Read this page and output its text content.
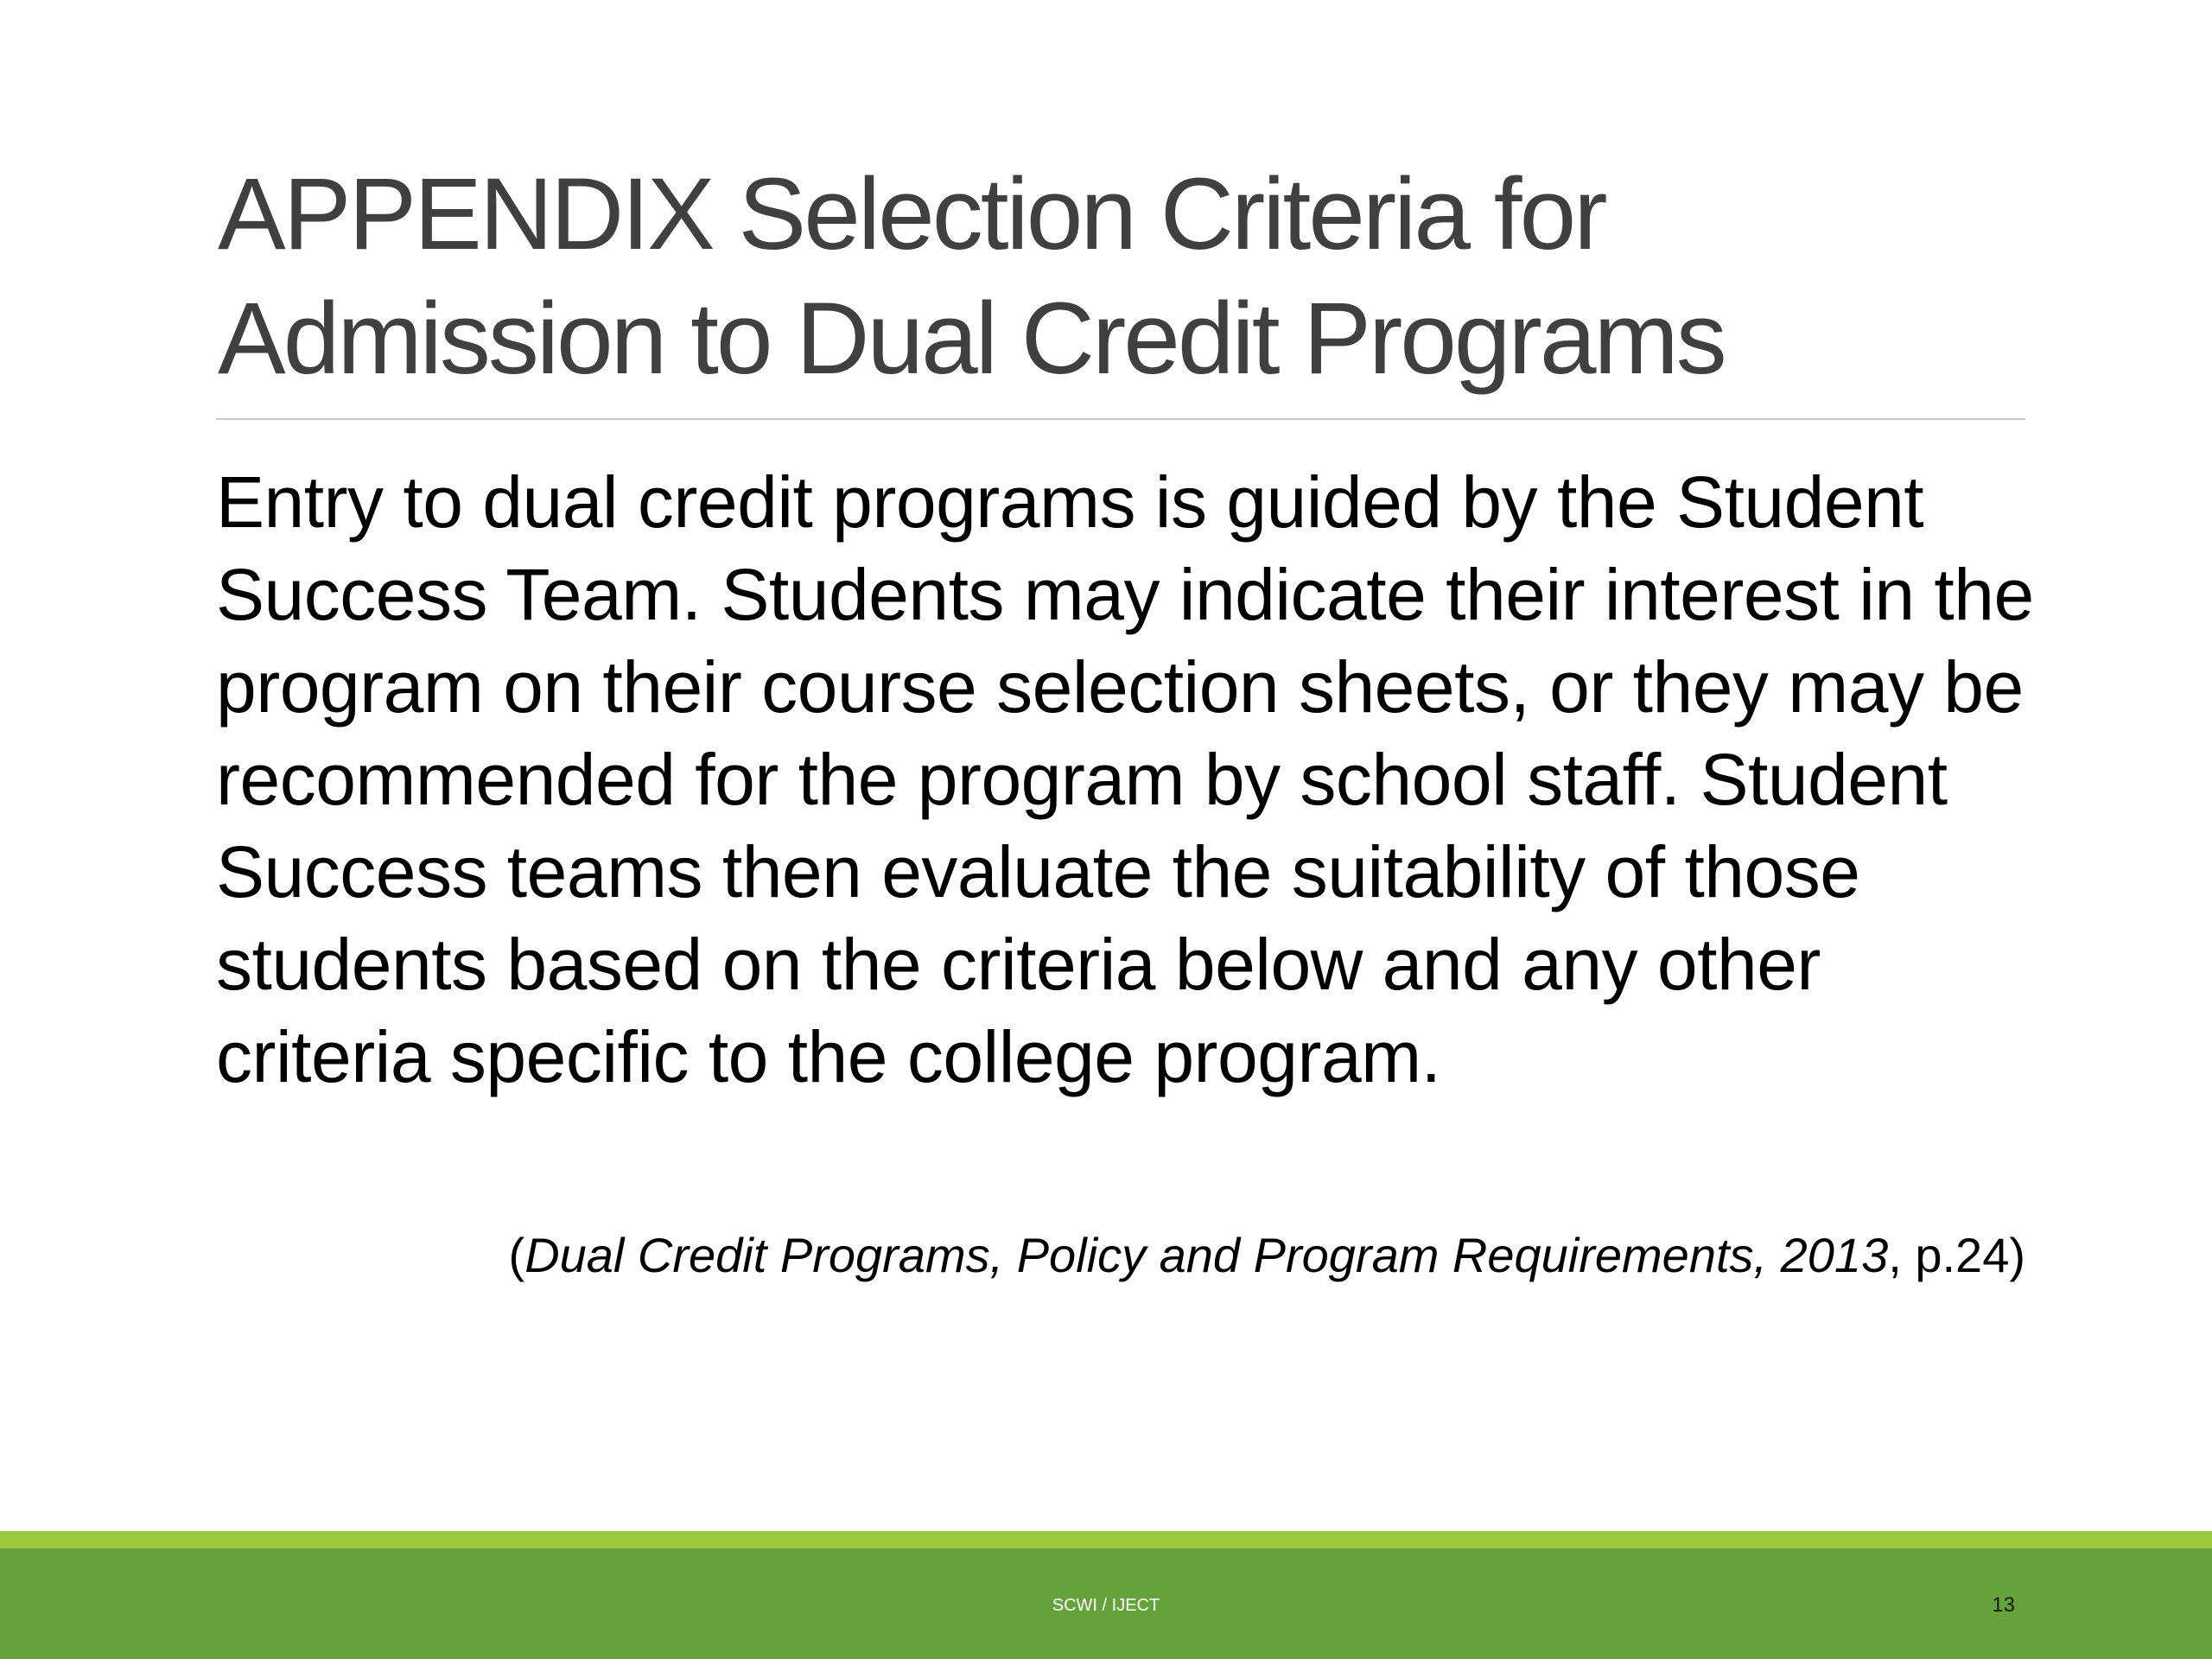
APPENDIX Selection Criteria for Admission to Dual Credit Programs

Entry to dual credit programs is guided by the Student Success Team. Students may indicate their interest in the program on their course selection sheets, or they may be recommended for the program by school staff. Student Success teams then evaluate the suitability of those students based on the criteria below and any other criteria specific to the college program.

(Dual Credit Programs, Policy and Program Requirements, 2013, p.24)
SCWI / IJECT	13
